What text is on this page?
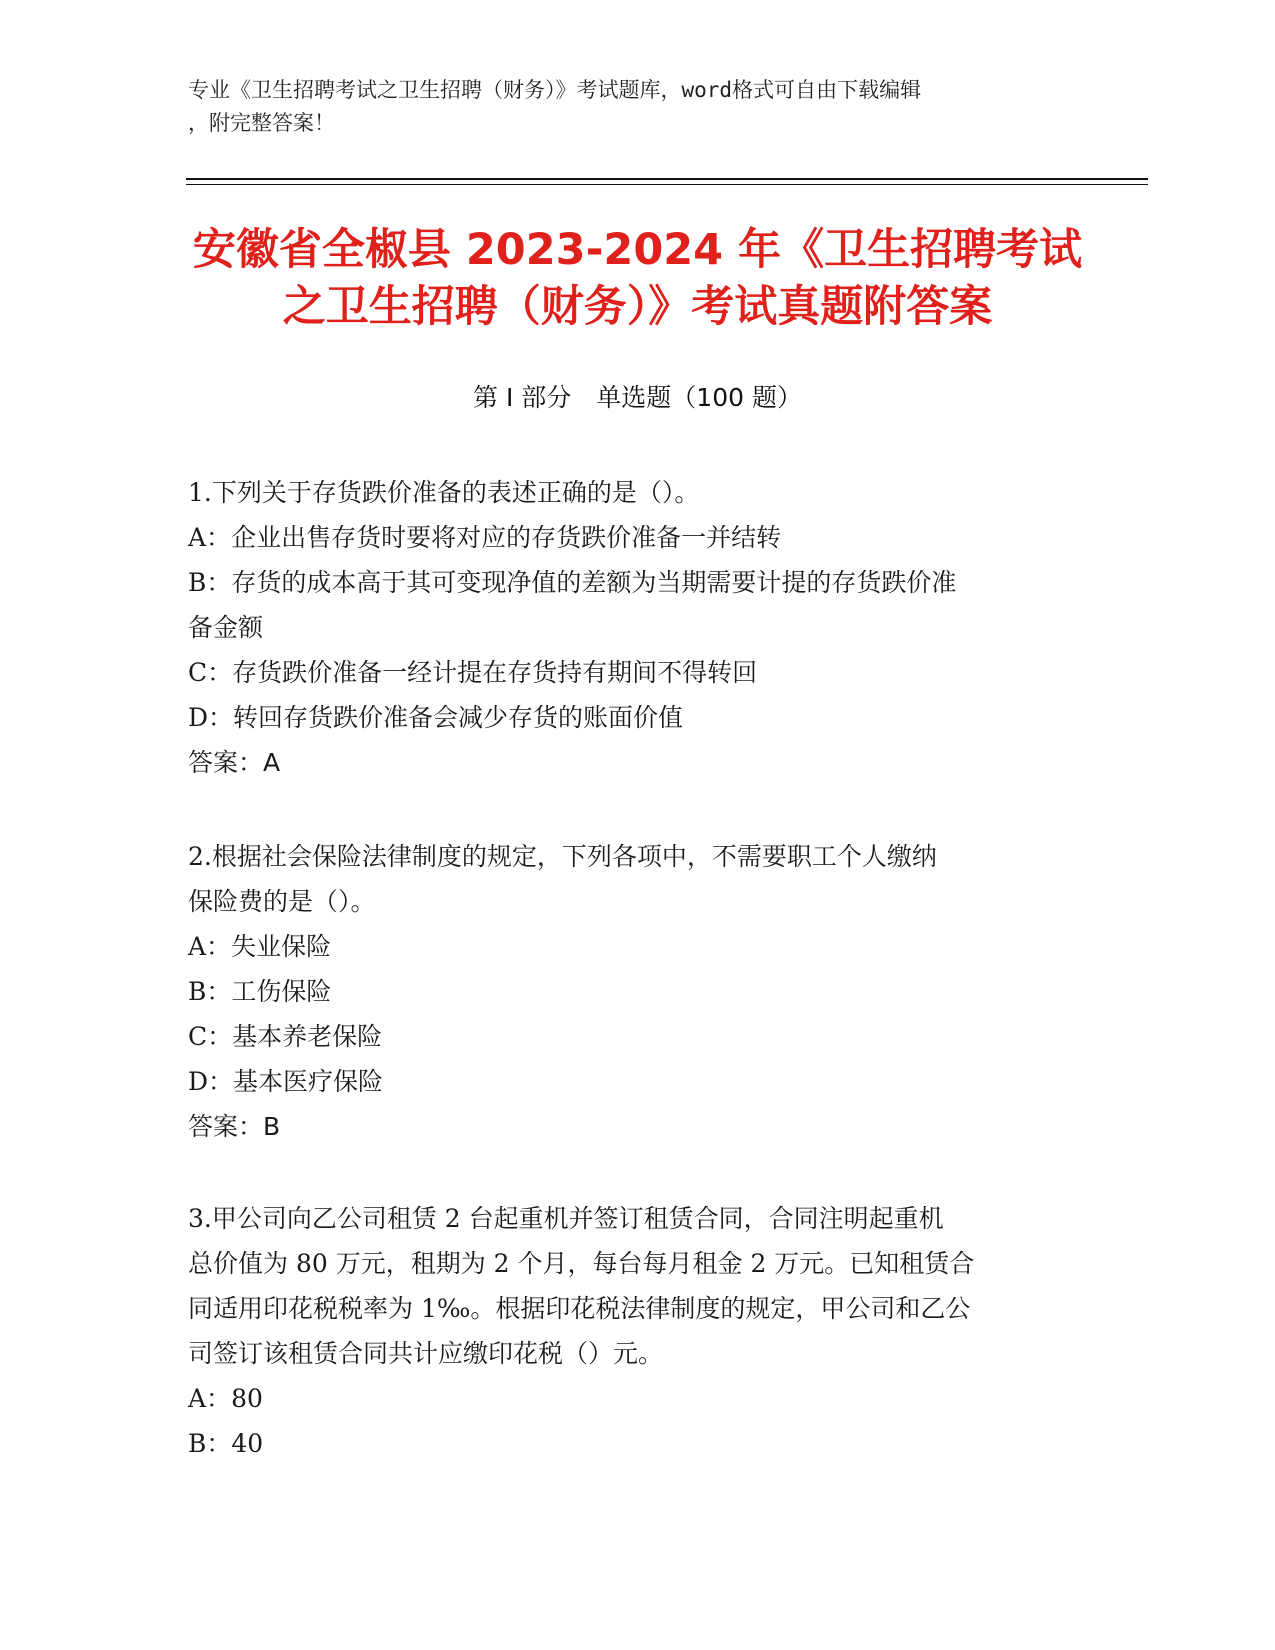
专业《卫生招聘考试之卫生招聘（财务）》考试题库，word格式可自由下载编辑
，附完整答案！
安徽省全椒县 2023-2024 年《卫生招聘考试
之卫生招聘（财务）》考试真题附答案
第 I 部分　单选题（100 题）
1.下列关于存货跌价准备的表述正确的是（）。
A：企业出售存货时要将对应的存货跌价准备一并结转
B：存货的成本高于其可变现净值的差额为当期需要计提的存货跌价准
备金额
C：存货跌价准备一经计提在存货持有期间不得转回
D：转回存货跌价准备会减少存货的账面价值
答案：A
2.根据社会保险法律制度的规定，下列各项中，不需要职工个人缴纳
保险费的是（）。
A：失业保险
B：工伤保险
C：基本养老保险
D：基本医疗保险
答案：B
3.甲公司向乙公司租赁 2 台起重机并签订租赁合同，合同注明起重机
总价值为 80 万元，租期为 2 个月，每台每月租金 2 万元。已知租赁合
同适用印花税税率为 1‰。根据印花税法律制度的规定，甲公司和乙公
司签订该租赁合同共计应缴印花税（）元。
A：80
B：40
